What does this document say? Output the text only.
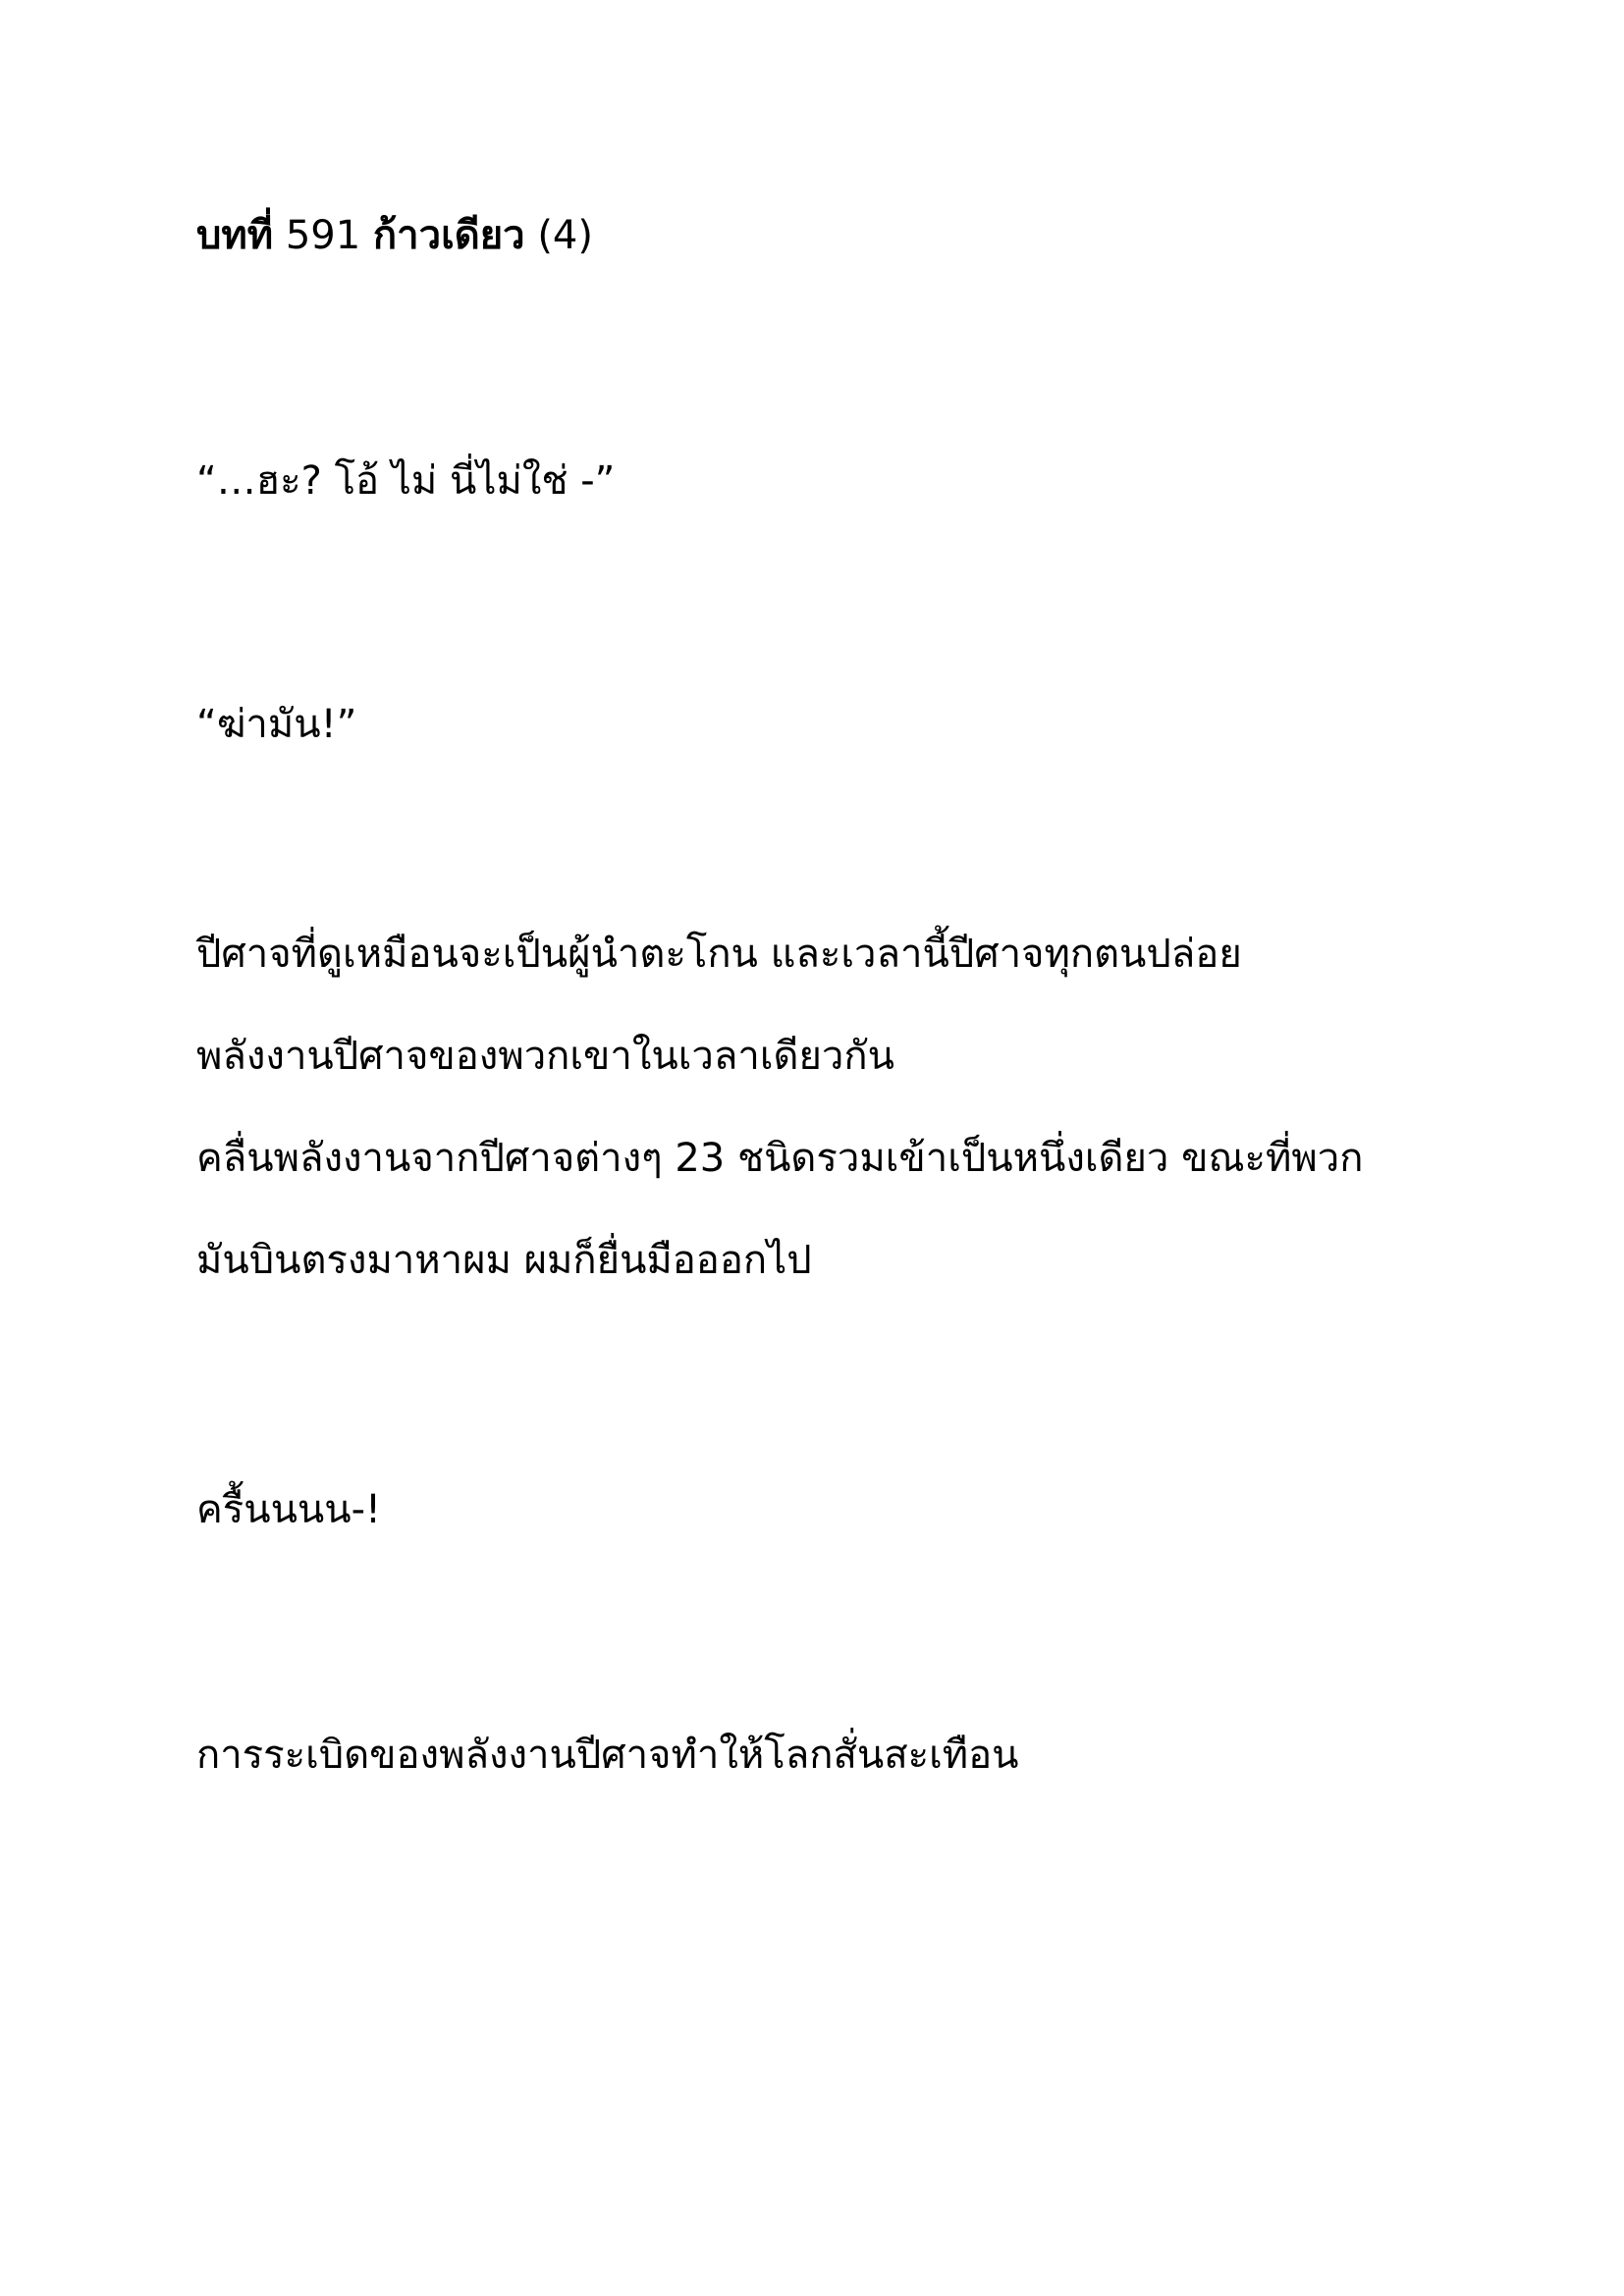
บทที่ 591 ก้าวเดียว (4)
“…ฮะ? โอ้ ไม่ นี่ไม่ใช่ -”
“ฆ่ามัน!”
ปีศาจที่ดูเหมือนจะเป็นผู้นำตะโกน และเวลานี้ปีศาจทุกตนปล่อย
พลังงานปีศาจของพวกเขาในเวลาเดียวกัน
คลื่นพลังงานจากปีศาจต่างๆ 23 ชนิดรวมเข้าเป็นหนึ่งเดียว ขณะที่พวก
มันบินตรงมาหาผม ผมก็ยื่นมือออกไป
ครื้นนนน-!
การระเบิดของพลังงานปีศาจทำให้โลกสั่นสะเทือน
